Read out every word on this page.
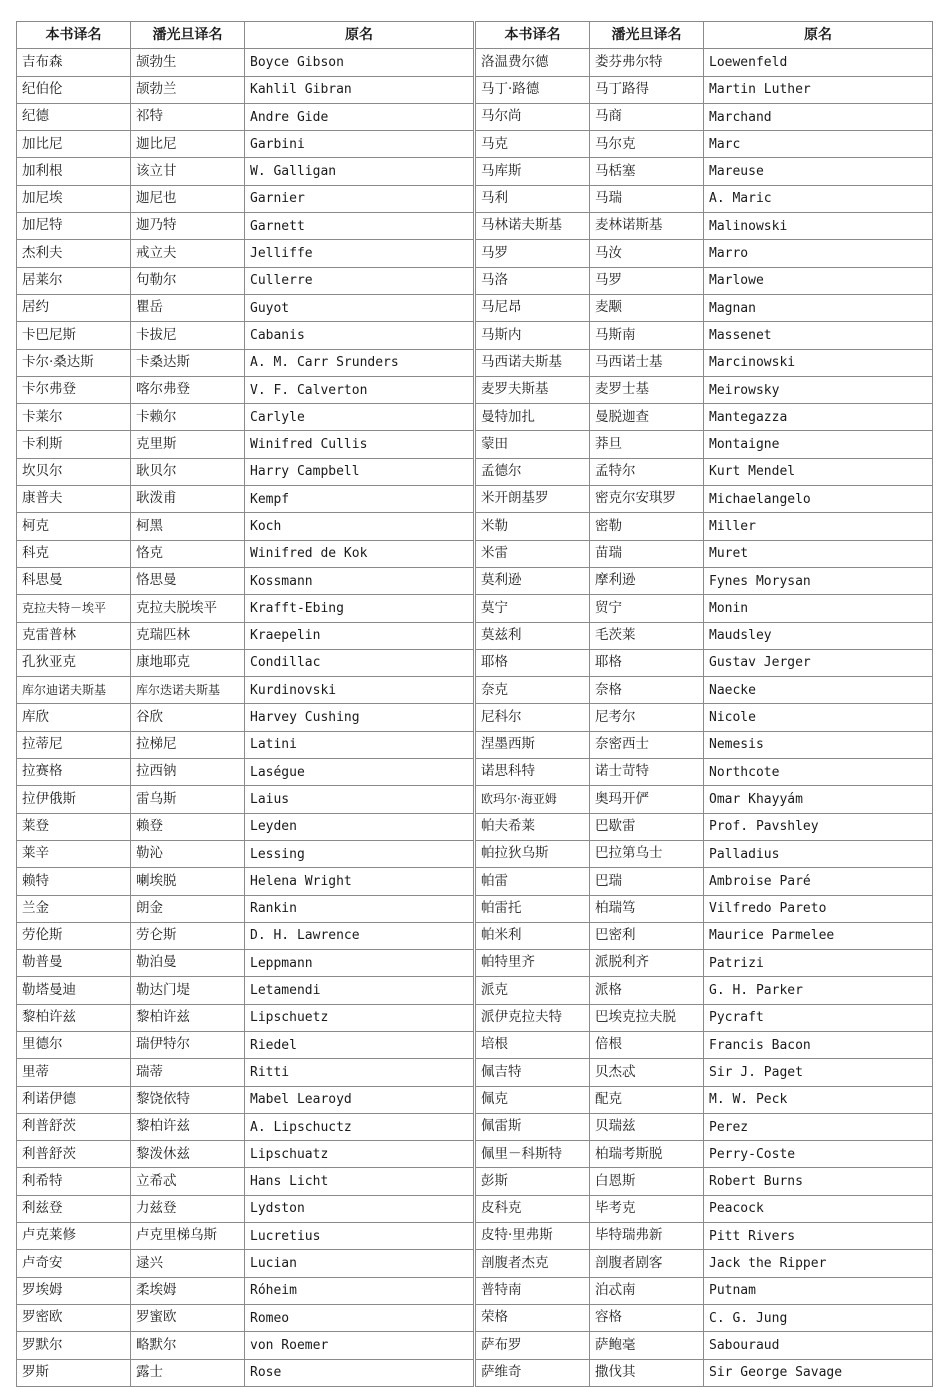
本书译名	潘光旦译名	原名		本书译名	潘光旦译名	原名
吉布森	颉勃生	Boyce Gibson		洛温费尔德	娄芬弗尔特	Loewenfeld
纪伯伦	颉勃兰	Kahlil Gibran		马丁·路德	马丁路得	Martin Luther
纪德	祁特	Andre Gide		马尔尚	马商	Marchand
加比尼	迦比尼	Garbini		马克	马尔克	Marc
加利根	该立甘	W. Galligan		马库斯	马栝塞	Mareuse
加尼埃	迦尼也	Garnier		马利	马瑞	A. Maric
加尼特	迦乃特	Garnett		马林诺夫斯基	麦林诺斯基	Malinowski
杰利夫	戒立夫	Jelliffe		马罗	马汝	Marro
居莱尔	句勒尔	Cullerre		马洛	马罗	Marlowe
居约	瞿岳	Guyot		马尼昂	麦颙	Magnan
卡巴尼斯	卡拔尼	Cabanis		马斯内	马斯南	Massenet
卡尔·桑达斯	卡桑达斯	A. M. Carr Srunders		马西诺夫斯基	马西诺士基	Marcinowski
卡尔弗登	喀尔弗登	V. F. Calverton		麦罗夫斯基	麦罗士基	Meirowsky
卡莱尔	卡赖尔	Carlyle		曼特加扎	曼脱迦查	Mantegazza
卡利斯	克里斯	Winifred Cullis		蒙田	莽旦	Montaigne
坎贝尔	耿贝尔	Harry Campbell		孟德尔	孟特尔	Kurt Mendel
康普夫	耿泼甫	Kempf		米开朗基罗	密克尔安琪罗	Michaelangelo
柯克	柯黑	Koch		米勒	密勒	Miller
科克	恪克	Winifred de Kok		米雷	苗瑞	Muret
科思曼	恪思曼	Kossmann		莫利逊	摩利逊	Fynes Morysan
克拉夫特－埃平	克拉夫脱埃平	Krafft-Ebing		莫宁	贸宁	Monin
克雷普林	克瑞匹林	Kraepelin		莫兹利	毛茨莱	Maudsley
孔狄亚克	康地耶克	Condillac		耶格	耶格	Gustav Jerger
库尔迪诺夫斯基	库尔迭诺夫斯基	Kurdinovski		奈克	奈格	Naecke
库欣	谷欣	Harvey Cushing		尼科尔	尼考尔	Nicole
拉蒂尼	拉梯尼	Latini		涅墨西斯	奈密西士	Nemesis
拉赛格	拉西钠	Laségue		诺思科特	诺士苛特	Northcote
拉伊俄斯	雷乌斯	Laius		欧玛尔·海亚姆	奥玛开俨	Omar Khayyám
莱登	赖登	Leyden		帕夫希莱	巴歇雷	Prof. Pavshley
莱辛	勒沁	Lessing		帕拉狄乌斯	巴拉第乌士	Palladius
赖特	喇埃脱	Helena Wright		帕雷	巴瑞	Ambroise Paré
兰金	朗金	Rankin		帕雷托	柏瑞笃	Vilfredo Pareto
劳伦斯	劳仑斯	D. H. Lawrence		帕米利	巴密利	Maurice Parmelee
勒普曼	勒泊曼	Leppmann		帕特里齐	派脱利齐	Patrizi
勒塔曼迪	勒达门堤	Letamendi		派克	派格	G. H. Parker
黎柏许兹	黎柏许兹	Lipschuetz		派伊克拉夫特	巴埃克拉夫脱	Pycraft
里德尔	瑞伊特尔	Riedel		培根	倍根	Francis Bacon
里蒂	瑞蒂	Ritti		佩吉特	贝杰忒	Sir J. Paget
利诺伊德	黎饶依特	Mabel Learoyd		佩克	配克	M. W. Peck
利普舒茨	黎柏许兹	A. Lipschuctz		佩雷斯	贝瑞兹	Perez
利普舒茨	黎泼休兹	Lipschuatz		佩里－科斯特	柏瑞考斯脱	Perry-Coste
利希特	立希忒	Hans Licht		彭斯	白恩斯	Robert Burns
利兹登	力兹登	Lydston		皮科克	毕考克	Peacock
卢克莱修	卢克里梯乌斯	Lucretius		皮特·里弗斯	毕特瑞弗新	Pitt Rivers
卢奇安	逯兴	Lucian		剖腹者杰克	剖腹者剧客	Jack the Ripper
罗埃姆	柔埃姆	Róheim		普特南	泊忒南	Putnam
罗密欧	罗蜜欧	Romeo		荣格	容格	C. G. Jung
罗默尔	略默尔	von Roemer		萨布罗	萨鲍毫	Sabouraud
罗斯	露士	Rose		萨维奇	撒伐其	Sir George Savage
